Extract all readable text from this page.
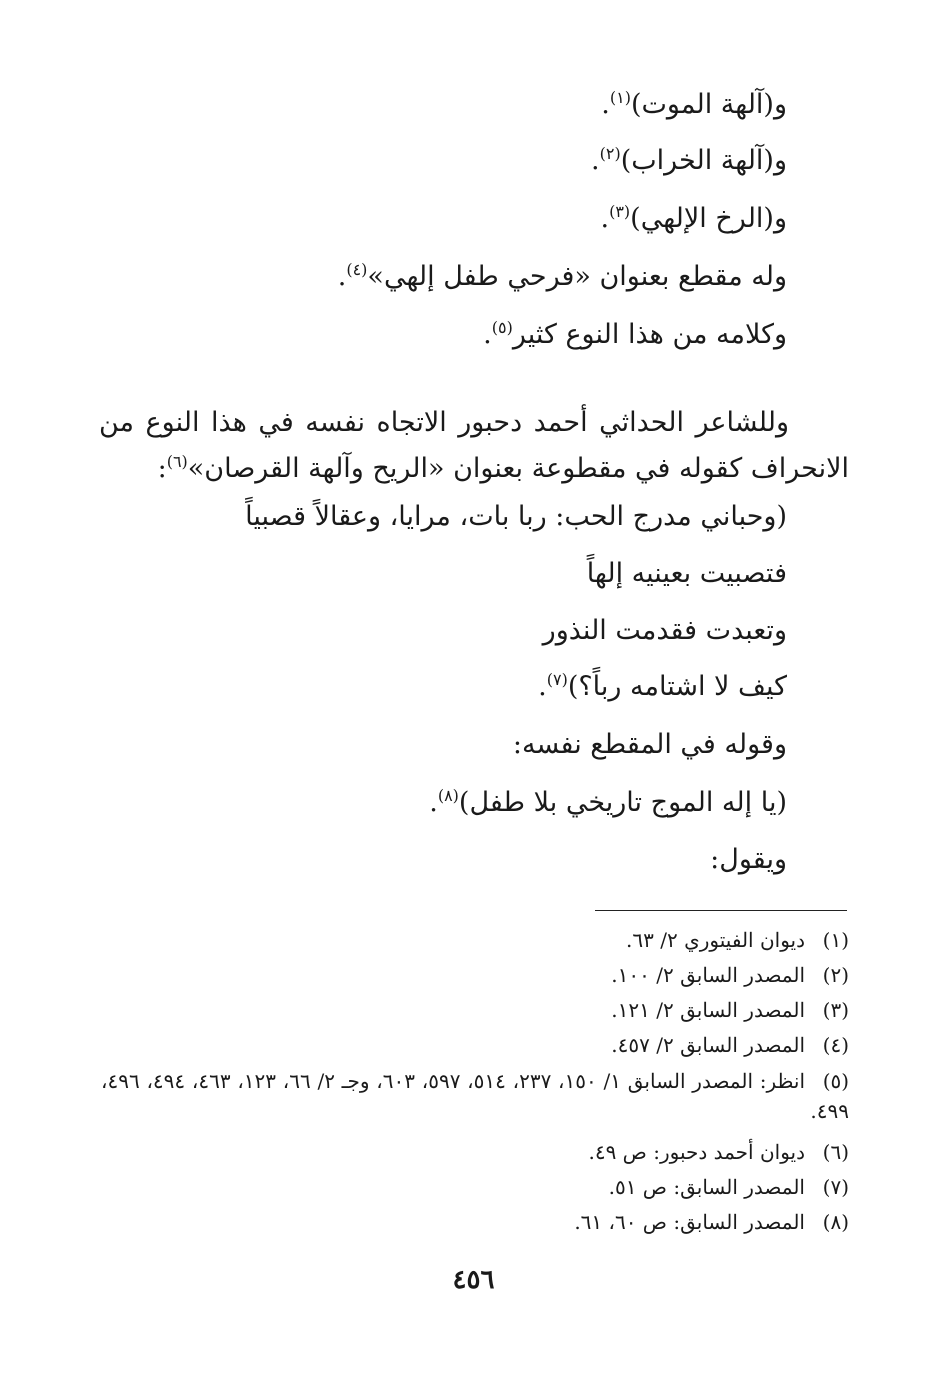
و(آلهة الموت)$^{(١)}$.
و(آلهة الخراب)$^{(٢)}$.
و(الرخ الإلهي)$^{(٣)}$.
وله مقطع بعنوان «فرحي طفل إلهي»$^{(٤)}$.
وكلامه من هذا النوع كثير$^{(٥)}$.
وللشاعر الحداثي أحمد دحبور الاتجاه نفسه في هذا النوع من الانحراف كقوله في مقطوعة بعنوان «الريح وآلهة القرصان»$^{(٦)}$:
(وحباني مدرج الحب: ربا بات، مرايا، وعقالاً قصبياً
فتصبيت بعينيه إلهاً
وتعبدت فقدمت النذور
كيف لا اشتامه رباً؟)$^{(٧)}$.
وقوله في المقطع نفسه:
(يا إله الموج تاريخي بلا طفل)$^{(٨)}$.
ويقول:
(١)ديوان الفيتوري ٢/ ٦٣.
(٢)المصدر السابق ٢/ ١٠٠.
(٣)المصدر السابق ٢/ ١٢١.
(٤)المصدر السابق ٢/ ٤٥٧.
(٥)انظر: المصدر السابق ١/ ١٥٠، ٢٣٧، ٥١٤، ٥٩٧، ٦٠٣، وجـ ٢/ ٦٦، ١٢٣، ٤٦٣، ٤٩٤، ٤٩٦، ٤٩٩.
(٦)ديوان أحمد دحبور: ص ٤٩.
(٧)المصدر السابق: ص ٥١.
(٨)المصدر السابق: ص ٦٠، ٦١.
٤٥٦
